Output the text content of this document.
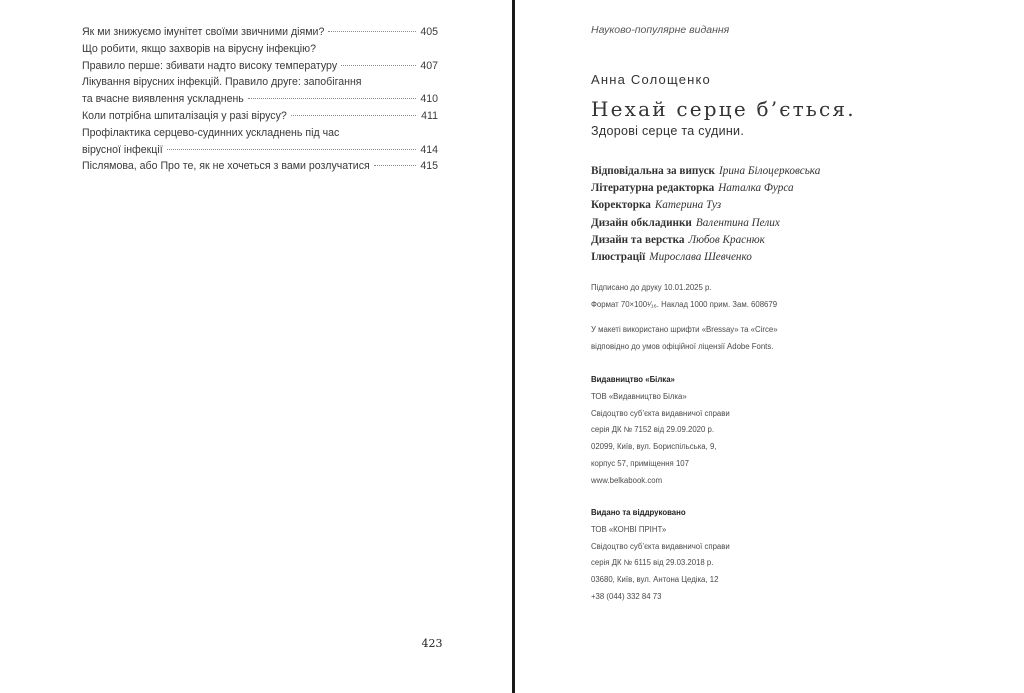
Як ми знижуємо імунітет своїми звичними діями?	405
Що робити, якщо захворів на вірусну інфекцію?
Правило перше: збивати надто високу температуру	407
Лікування вірусних інфекцій. Правило друге: запобігання
та вчасне виявлення ускладнень	410
Коли потрібна шпиталізація у разі вірусу?	411
Профілактика серцево-судинних ускладнень під час
вірусної інфекції	414
Післямова, або Про те, як не хочеться з вами розлучатися	415
423
Науково-популярне видання
Анна Солощенко
Нехай серце б’ється.
Здорові серце та судини.
Відповідальна за випуск Ірина Білоцерковська
Літературна редакторка Наталка Фурса
Коректорка Катерина Туз
Дизайн обкладинки Валентина Пелих
Дизайн та верстка Любов Краснюк
Ілюстрації Мирослава Шевченко
Підписано до друку 10.01.2025 р.
Формат 70×100¹⁄₁₆. Наклад 1000 прим. Зам. 608679
У макеті використано шрифти «Bressay» та «Circe»
відповідно до умов офіційної ліцензії Adobe Fonts.
Видавництво «Білка»
ТОВ «Видавництво Білка»
Свідоцтво суб’єкта видавничої справи
серія ДК № 7152 від 29.09.2020 р.
02099, Київ, вул. Бориспільська, 9,
корпус 57, приміщення 107
www.belkabook.com
Видано та віддруковано
ТОВ «КОНВІ ПРІНТ»
Свідоцтво суб’єкта видавничої справи
серія ДК № 6115 від 29.03.2018 р.
03680, Київ, вул. Антона Цедіка, 12
+38 (044) 332 84 73
